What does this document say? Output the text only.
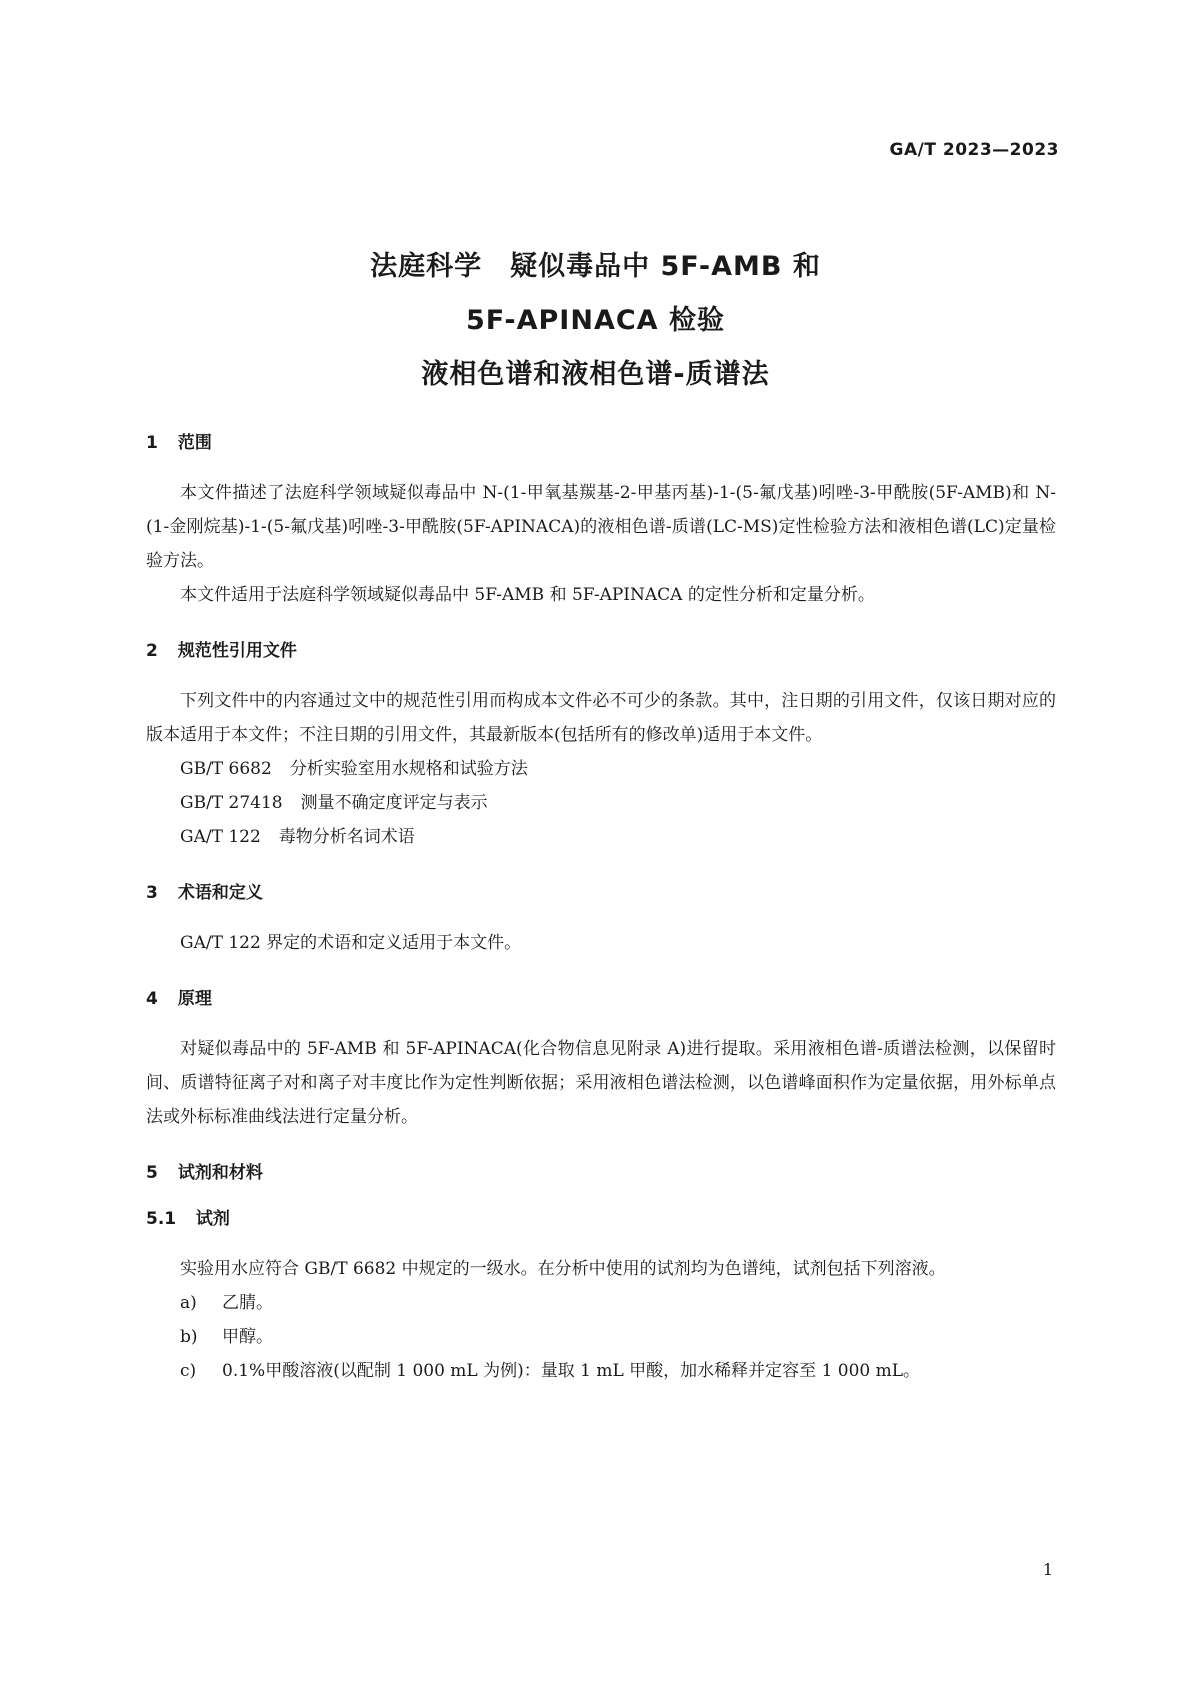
GA/T 2023—2023
法庭科学　疑似毒品中 5F-AMB 和
5F-APINACA 检验
液相色谱和液相色谱-质谱法
1 范围

本文件描述了法庭科学领域疑似毒品中 N-(1-甲氧基羰基-2-甲基丙基)-1-(5-氟戊基)吲唑-3-甲酰胺(5F-AMB)和 N-(1-金刚烷基)-1-(5-氟戊基)吲唑-3-甲酰胺(5F-APINACA)的液相色谱-质谱(LC-MS)定性检验方法和液相色谱(LC)定量检验方法。

本文件适用于法庭科学领域疑似毒品中 5F-AMB 和 5F-APINACA 的定性分析和定量分析。

2 规范性引用文件

下列文件中的内容通过文中的规范性引用而构成本文件必不可少的条款。其中，注日期的引用文件，仅该日期对应的版本适用于本文件；不注日期的引用文件，其最新版本(包括所有的修改单)适用于本文件。

GB/T 6682 分析实验室用水规格和试验方法

GB/T 27418 测量不确定度评定与表示

GA/T 122 毒物分析名词术语

3 术语和定义

GA/T 122 界定的术语和定义适用于本文件。

4 原理

对疑似毒品中的 5F-AMB 和 5F-APINACA(化合物信息见附录 A)进行提取。采用液相色谱-质谱法检测，以保留时间、质谱特征离子对和离子对丰度比作为定性判断依据；采用液相色谱法检测，以色谱峰面积作为定量依据，用外标单点法或外标标准曲线法进行定量分析。

5 试剂和材料
5.1 试剂

实验用水应符合 GB/T 6682 中规定的一级水。在分析中使用的试剂均为色谱纯，试剂包括下列溶液。

a) 乙腈。

b) 甲醇。

c) 0.1%甲酸溶液(以配制 1 000 mL 为例)：量取 1 mL 甲酸，加水稀释并定容至 1 000 mL。

1
